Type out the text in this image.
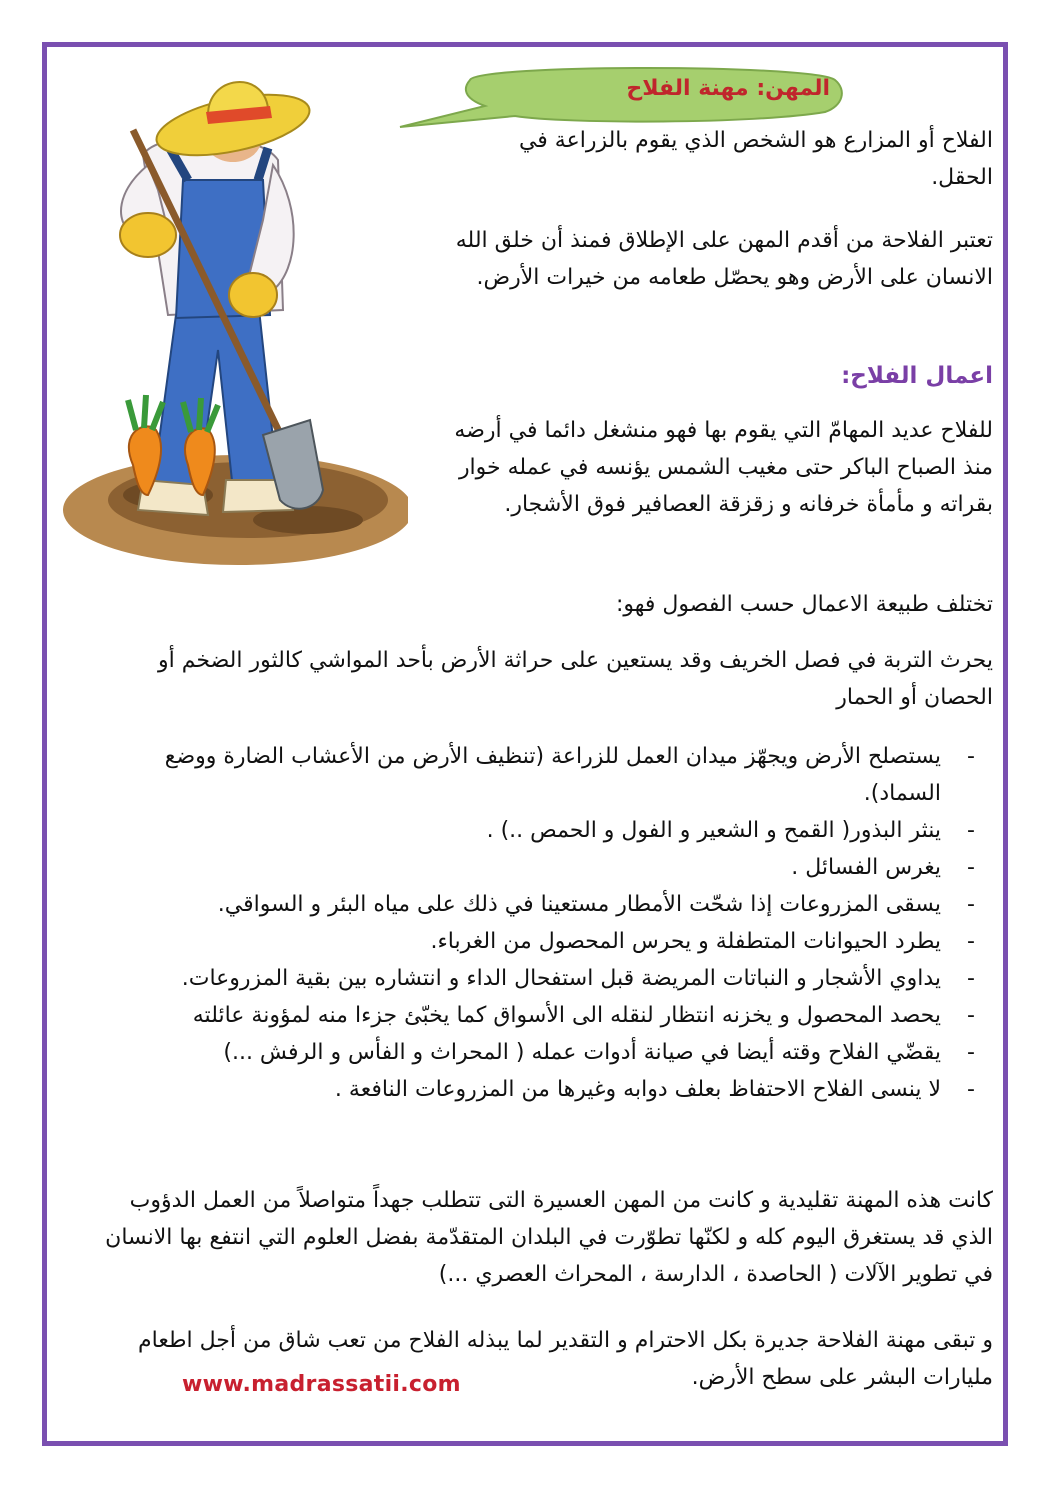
المهن: مهنة الفلاح

الفلاح أو المزارع هو الشخص الذي يقوم بالزراعة في الحقل.

تعتبر الفلاحة من أقدم المهن على الإطلاق فمنذ أن خلق الله الانسان على الأرض وهو يحصّل طعامه من خيرات الأرض.

اعمال الفلاح:

للفلاح عديد المهامّ التي يقوم بها فهو منشغل دائما في أرضه منذ الصباح الباكر حتى مغيب الشمس يؤنسه في عمله خوار بقراته و مأمأة خرفانه و زقزقة العصافير فوق الأشجار.

تختلف طبيعة الاعمال حسب الفصول فهو:

يحرث التربة في فصل الخريف وقد يستعين على حراثة الأرض بأحد المواشي كالثور الضخم أو الحصان أو الحمار

- يستصلح الأرض ويجهّز ميدان العمل للزراعة (تنظيف الأرض من الأعشاب الضارة ووضع السماد).
- ينثر البذور( القمح و الشعير و الفول و الحمص ..) .
- يغرس الفسائل .
- يسقى المزروعات إذا شحّت الأمطار مستعينا في ذلك على مياه البئر و السواقي.
- يطرد الحيوانات المتطفلة و يحرس المحصول من الغرباء.
- يداوي الأشجار و النباتات المريضة قبل استفحال الداء و انتشاره بين بقية المزروعات.
- يحصد المحصول و يخزنه انتظار لنقله الى الأسواق كما يخبّئ جزءا منه لمؤونة عائلته
- يقضّي الفلاح وقته أيضا في صيانة أدوات عمله ( المحراث و الفأس و الرفش ...)
- لا ينسى الفلاح الاحتفاظ بعلف دوابه وغيرها من المزروعات النافعة .

كانت هذه المهنة تقليدية و كانت من المهن العسيرة التى تتطلب جهداً متواصلاً من العمل الدؤوب الذي قد يستغرق اليوم كله و لكنّها تطوّرت في البلدان المتقدّمة بفضل العلوم التي انتفع بها الانسان في تطوير الآلات ( الحاصدة ، الدارسة ، المحراث العصري ...)

و تبقى مهنة الفلاحة جديرة بكل الاحترام و التقدير لما يبذله الفلاح من تعب شاق من أجل اطعام مليارات البشر على سطح الأرض.

www.madrassatii.com
